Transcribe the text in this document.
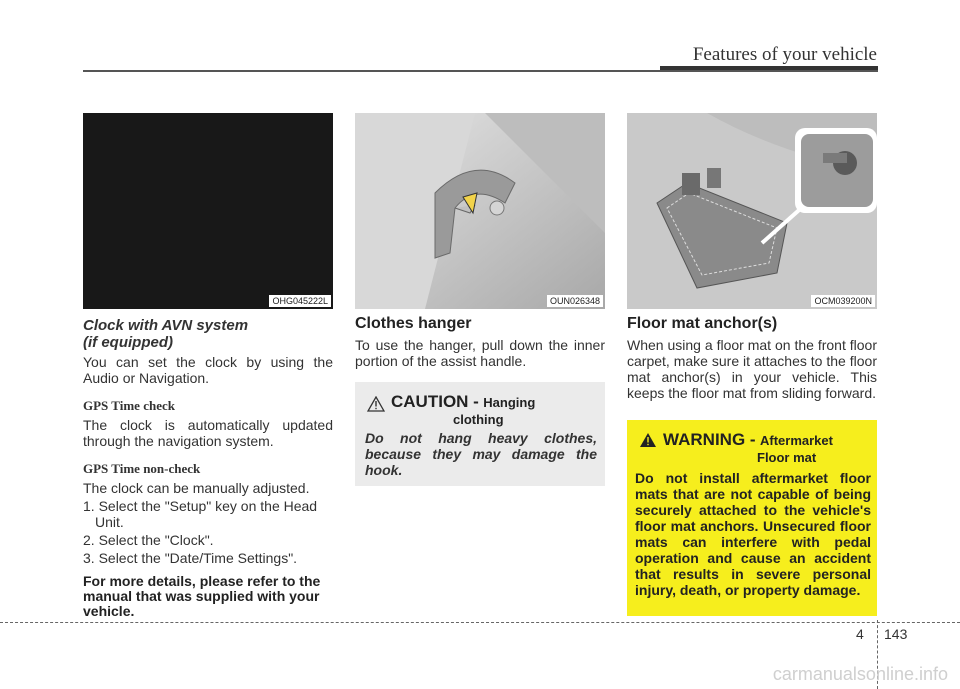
Features of your vehicle
OHG045222L
Clock with AVN system
(if equipped)

You can set the clock by using the Audio or Navigation.

GPS Time check

The clock is automatically updated through the navigation system.

GPS Time non-check

The clock can be manually adjusted.

1. Select the "Setup" key on the Head Unit.
2. Select the "Clock".
3. Select the "Date/Time Settings".

For more details, please refer to the manual that was supplied with your vehicle.

OUN026348
Clothes hanger

To use the hanger, pull down the inner portion of the assist handle.

CAUTION - Hanging
clothing
Do not hang heavy clothes, because they may damage the hook.
OCM039200N
Floor mat anchor(s)

When using a floor mat on the front floor carpet, make sure it attaches to the floor mat anchor(s) in your vehicle. This keeps the floor mat from sliding forward.

WARNING - Aftermarket
Floor mat
Do not install aftermarket floor mats that are not capable of being securely attached to the vehicle's floor mat anchors. Unsecured floor mats can interfere with pedal operation and cause an accident that results in severe personal injury, death, or property damage.
4 143
carmanualsonline.info
